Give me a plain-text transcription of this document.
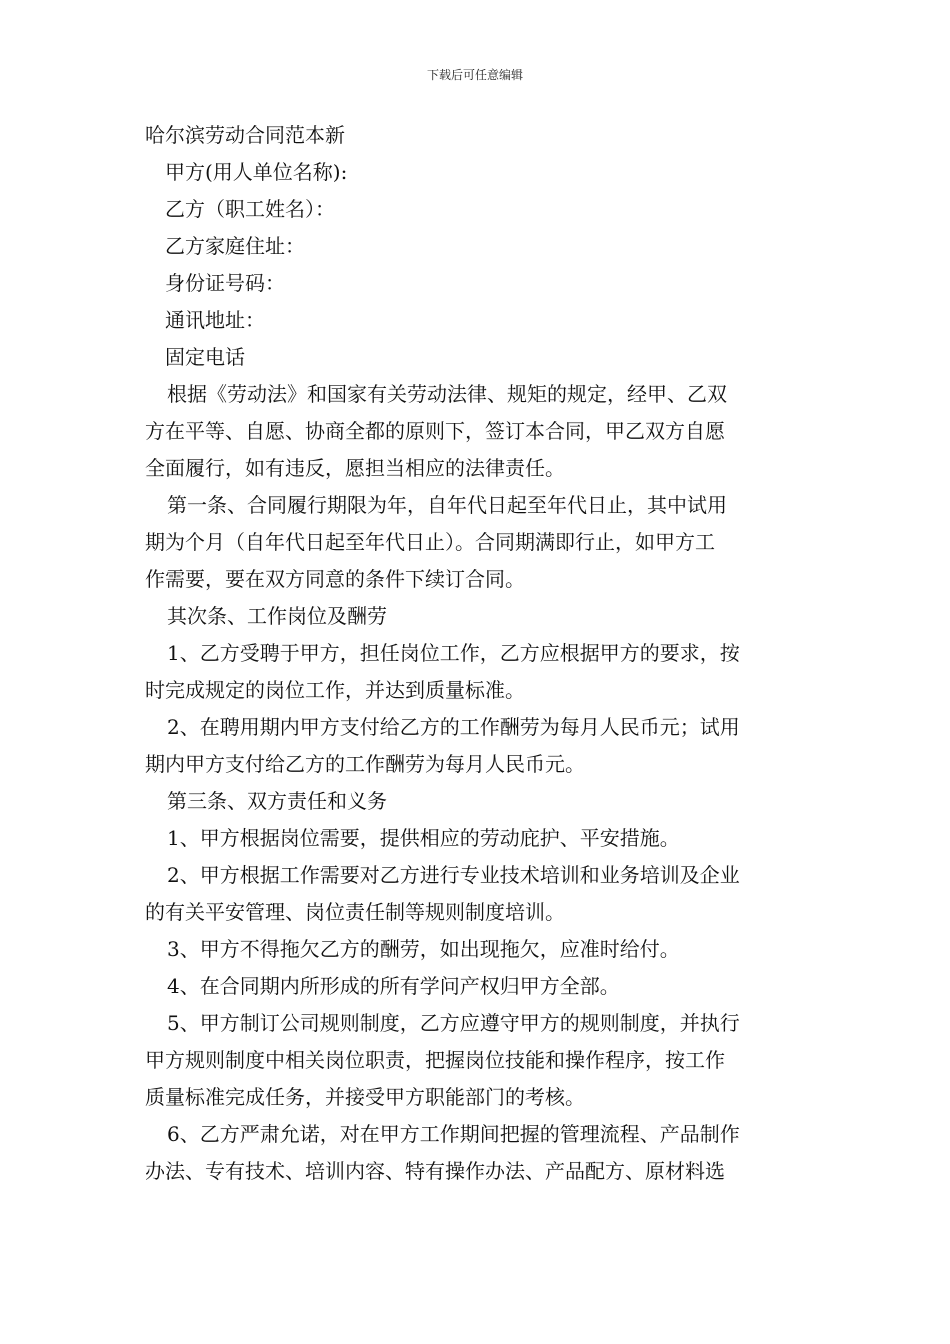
下载后可任意编辑
哈尔滨劳动合同范本新
甲方(用人单位名称):
乙方（职工姓名）：
乙方家庭住址：
身份证号码：
通讯地址：
固定电话
根据《劳动法》和国家有关劳动法律、规矩的规定，经甲、乙双
方在平等、自愿、协商全都的原则下，签订本合同，甲乙双方自愿
全面履行，如有违反，愿担当相应的法律责任。
第一条、合同履行期限为年，自年代日起至年代日止，其中试用
期为个月（自年代日起至年代日止）。合同期满即行止，如甲方工
作需要，要在双方同意的条件下续订合同。
其次条、工作岗位及酬劳
1、乙方受聘于甲方，担任岗位工作，乙方应根据甲方的要求，按
时完成规定的岗位工作，并达到质量标准。
2、在聘用期内甲方支付给乙方的工作酬劳为每月人民币元；试用
期内甲方支付给乙方的工作酬劳为每月人民币元。
第三条、双方责任和义务
1、甲方根据岗位需要，提供相应的劳动庇护、平安措施。
2、甲方根据工作需要对乙方进行专业技术培训和业务培训及企业
的有关平安管理、岗位责任制等规则制度培训。
3、甲方不得拖欠乙方的酬劳，如出现拖欠，应准时给付。
4、在合同期内所形成的所有学问产权归甲方全部。
5、甲方制订公司规则制度，乙方应遵守甲方的规则制度，并执行
甲方规则制度中相关岗位职责，把握岗位技能和操作程序，按工作
质量标准完成任务，并接受甲方职能部门的考核。
6、乙方严肃允诺，对在甲方工作期间把握的管理流程、产品制作
办法、专有技术、培训内容、特有操作办法、产品配方、原材料选
